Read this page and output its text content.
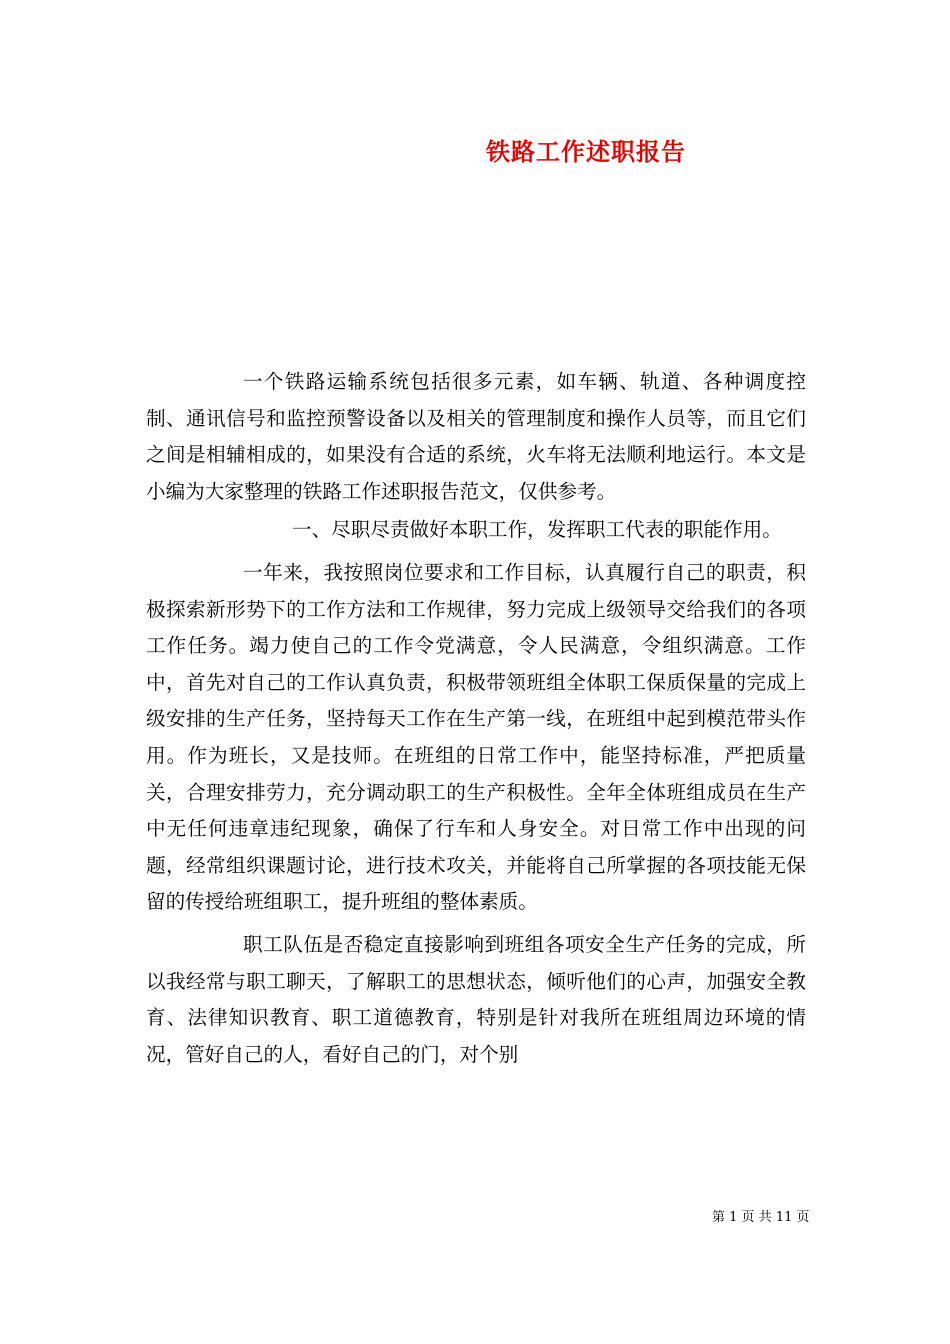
铁路工作述职报告

一个铁路运输系统包括很多元素，如车辆、轨道、各种调度控制、通讯信号和监控预警设备以及相关的管理制度和操作人员等，而且它们之间是相辅相成的，如果没有合适的系统，火车将无法顺利地运行。本文是小编为大家整理的铁路工作述职报告范文，仅供参考。

一、尽职尽责做好本职工作，发挥职工代表的职能作用。

一年来，我按照岗位要求和工作目标，认真履行自己的职责，积极探索新形势下的工作方法和工作规律，努力完成上级领导交给我们的各项工作任务。竭力使自己的工作令党满意，令人民满意，令组织满意。工作中，首先对自己的工作认真负责，积极带领班组全体职工保质保量的完成上级安排的生产任务，坚持每天工作在生产第一线，在班组中起到模范带头作用。作为班长，又是技师。在班组的日常工作中，能坚持标准，严把质量关，合理安排劳力，充分调动职工的生产积极性。全年全体班组成员在生产中无任何违章违纪现象，确保了行车和人身安全。对日常工作中出现的问题，经常组织课题讨论，进行技术攻关，并能将自己所掌握的各项技能无保留的传授给班组职工，提升班组的整体素质。

职工队伍是否稳定直接影响到班组各项安全生产任务的完成，所以我经常与职工聊天，了解职工的思想状态，倾听他们的心声，加强安全教育、法律知识教育、职工道德教育，特别是针对我所在班组周边环境的情况，管好自己的人，看好自己的门，对个别

第 1 页 共 11 页
